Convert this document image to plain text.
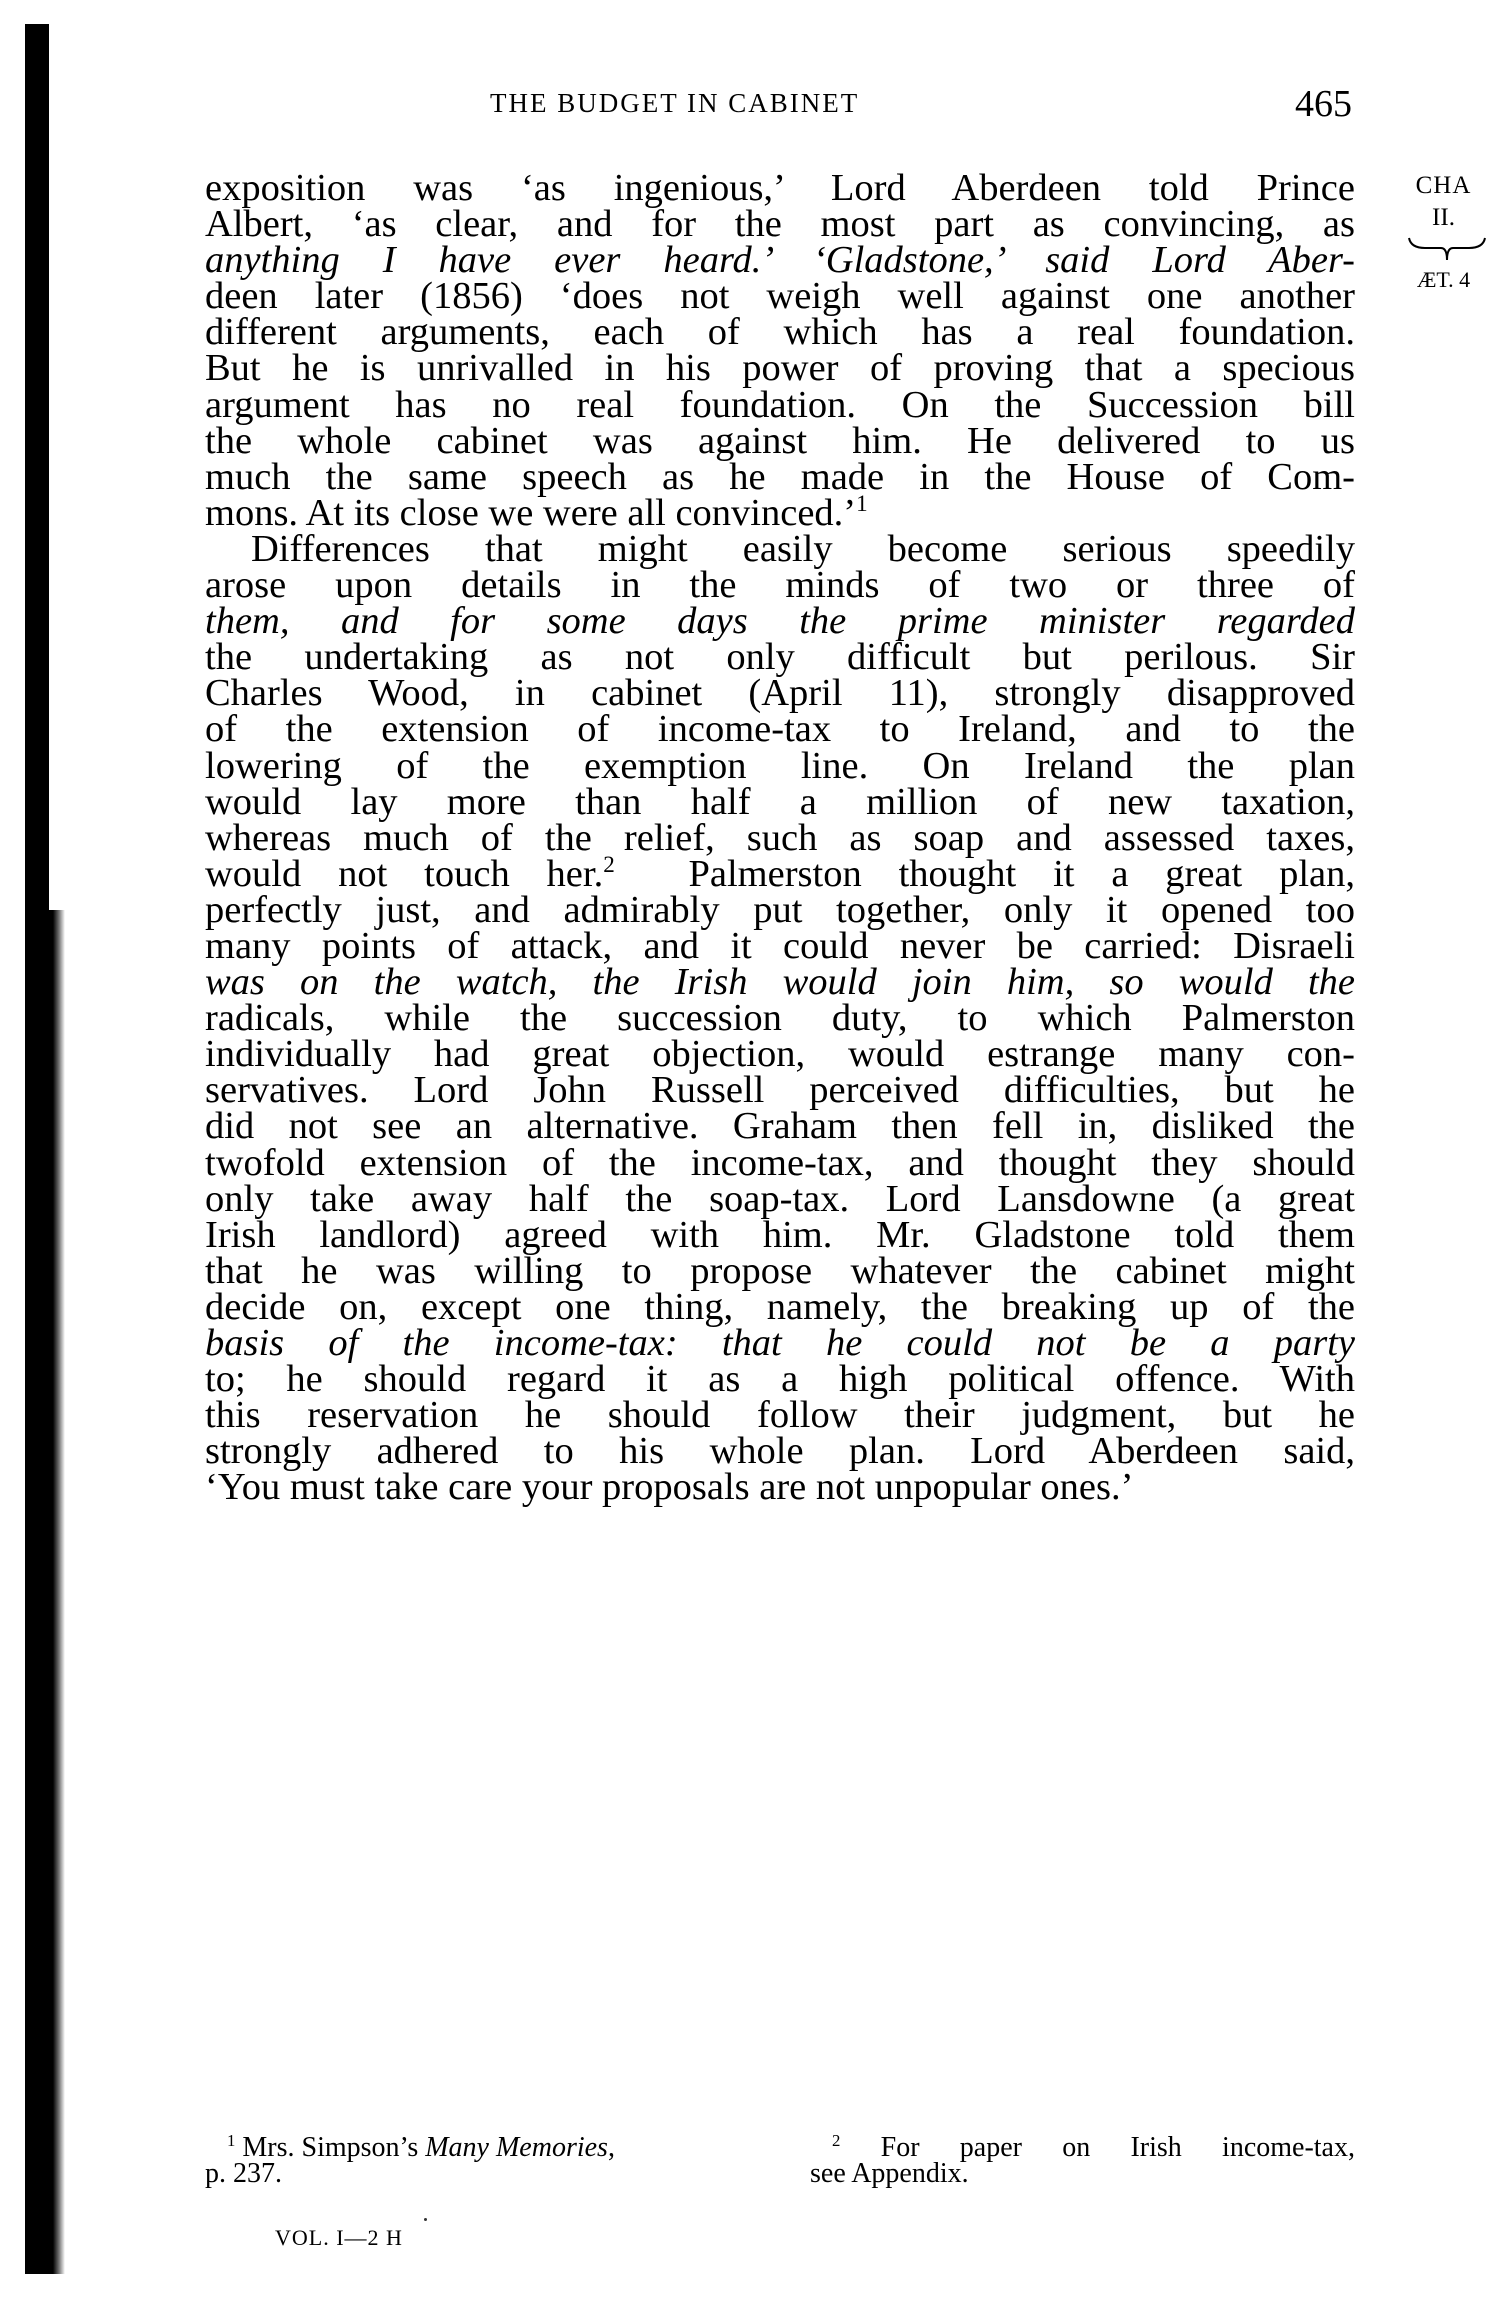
THE BUDGET IN CABINET	465
CHA
II.
ÆT. 4

exposition was ‘as ingenious,’ Lord Aberdeen told Prince
Albert, ‘as clear, and for the most part as convincing, as
anything I have ever heard.’ ‘Gladstone,’ said Lord Aber-
deen later (1856) ‘does not weigh well against one another
different arguments, each of which has a real foundation.
But he is unrivalled in his power of proving that a specious
argument has no real foundation. On the Succession bill
the whole cabinet was against him. He delivered to us
much the same speech as he made in the House of Com-
mons. At its close we were all convinced.’$^1$

Differences that might easily become serious speedily
arose upon details in the minds of two or three of
them, and for some days the prime minister regarded
the undertaking as not only difficult but perilous. Sir
Charles Wood, in cabinet (April 11), strongly disapproved
of the extension of income-tax to Ireland, and to the
lowering of the exemption line. On Ireland the plan
would lay more than half a million of new taxation,
whereas much of the relief, such as soap and assessed taxes,
would not touch her.$^2$ Palmerston thought it a great plan,
perfectly just, and admirably put together, only it opened too
many points of attack, and it could never be carried: Disraeli
was on the watch, the Irish would join him, so would the
radicals, while the succession duty, to which Palmerston
individually had great objection, would estrange many con-
servatives. Lord John Russell perceived difficulties, but he
did not see an alternative. Graham then fell in, disliked the
twofold extension of the income-tax, and thought they should
only take away half the soap-tax. Lord Lansdowne (a great
Irish landlord) agreed with him. Mr. Gladstone told them
that he was willing to propose whatever the cabinet might
decide on, except one thing, namely, the breaking up of the
basis of the income-tax: that he could not be a party
to; he should regard it as a high political offence. With
this reservation he should follow their judgment, but he
strongly adhered to his whole plan. Lord Aberdeen said,
‘You must take care your proposals are not unpopular ones.’

$^1$ Mrs. Simpson’s Many Memories,
p. 237.
$^2$ For paper on Irish income-tax,
see Appendix.
VOL. I—2 H
